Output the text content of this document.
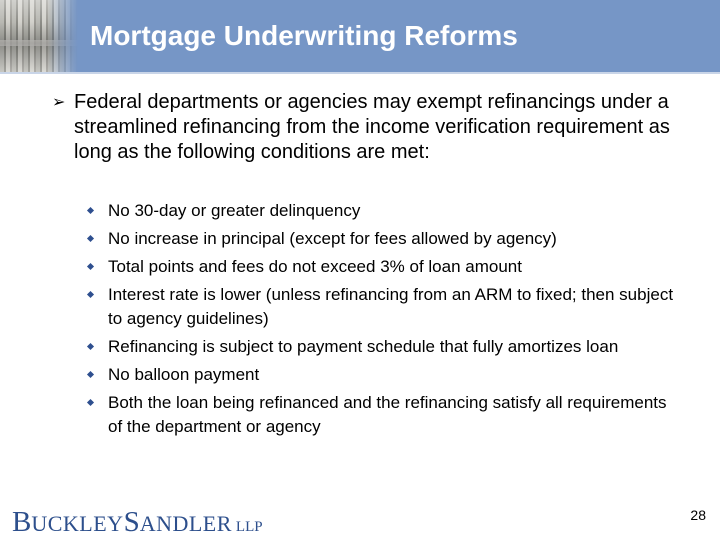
Mortgage Underwriting Reforms
➢ Federal departments or agencies may exempt refinancings under a streamlined refinancing from the income verification requirement as long as the following conditions are met:
No 30-day or greater delinquency
No increase in principal (except for fees allowed by agency)
Total points and fees do not exceed 3% of loan amount
Interest rate is lower (unless refinancing from an ARM to fixed; then subject to agency guidelines)
Refinancing is subject to payment schedule that fully amortizes loan
No balloon payment
Both the loan being refinanced and the refinancing satisfy all requirements of the department or agency
BUCKLEYSANDLER LLP
28
